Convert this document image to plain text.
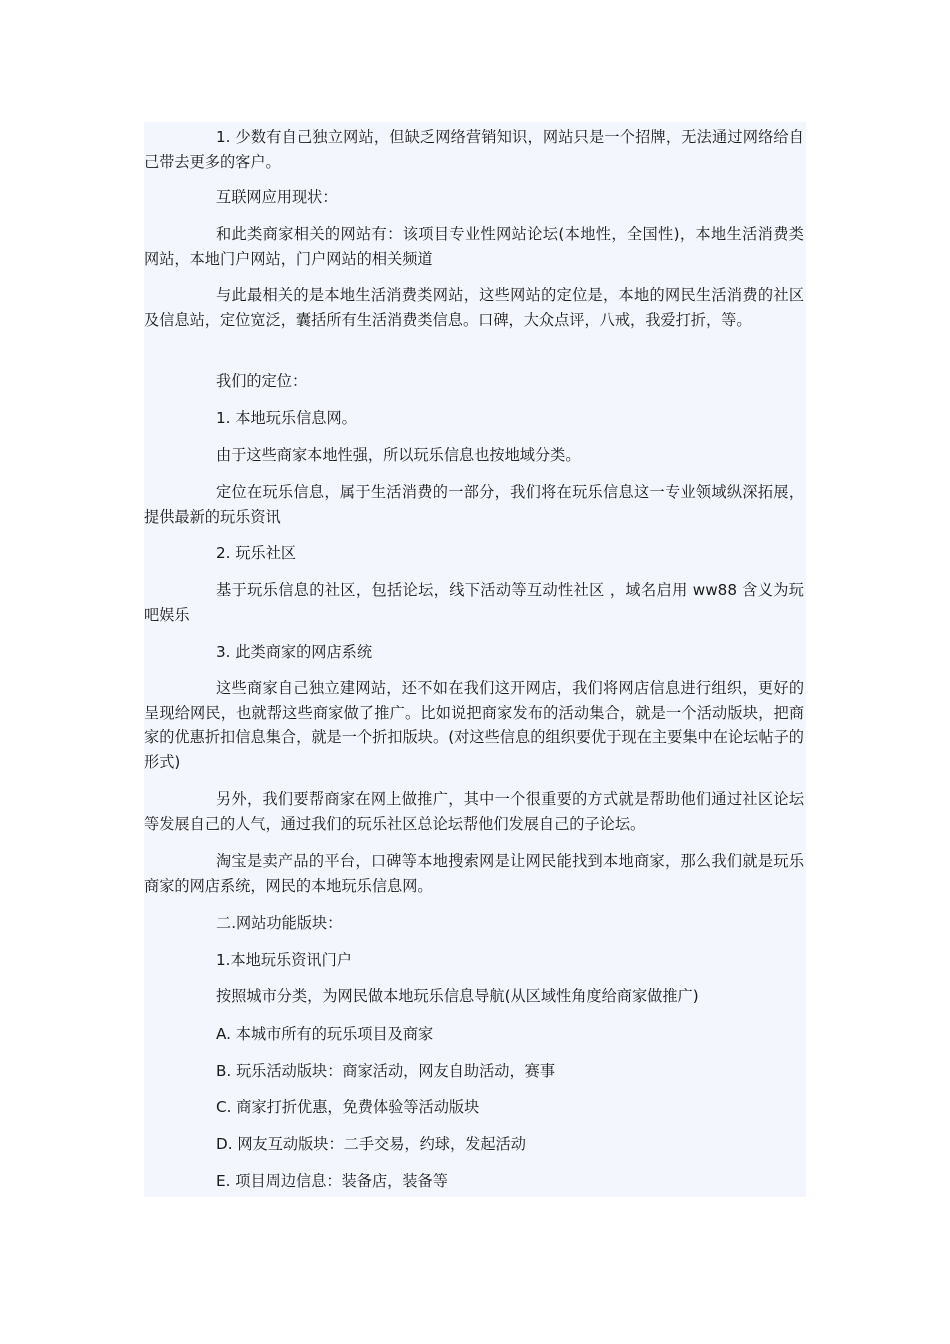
1. 少数有自己独立网站，但缺乏网络营销知识，网站只是一个招牌，无法通过网络给自己带去更多的客户。

互联网应用现状：

和此类商家相关的网站有：该项目专业性网站论坛(本地性，全国性)，本地生活消费类网站，本地门户网站，门户网站的相关频道

与此最相关的是本地生活消费类网站，这些网站的定位是，本地的网民生活消费的社区及信息站，定位宽泛，囊括所有生活消费类信息。口碑，大众点评，八戒，我爱打折，等。

我们的定位：

1. 本地玩乐信息网。

由于这些商家本地性强，所以玩乐信息也按地域分类。

定位在玩乐信息，属于生活消费的一部分，我们将在玩乐信息这一专业领域纵深拓展，提供最新的玩乐资讯

2. 玩乐社区

基于玩乐信息的社区，包括论坛，线下活动等互动性社区 ，域名启用 ww88 含义为玩吧娱乐

3. 此类商家的网店系统

这些商家自己独立建网站，还不如在我们这开网店，我们将网店信息进行组织，更好的呈现给网民，也就帮这些商家做了推广。比如说把商家发布的活动集合，就是一个活动版块，把商家的优惠折扣信息集合，就是一个折扣版块。(对这些信息的组织要优于现在主要集中在论坛帖子的形式)

另外，我们要帮商家在网上做推广，其中一个很重要的方式就是帮助他们通过社区论坛等发展自己的人气，通过我们的玩乐社区总论坛帮他们发展自己的子论坛。

淘宝是卖产品的平台，口碑等本地搜索网是让网民能找到本地商家，那么我们就是玩乐商家的网店系统，网民的本地玩乐信息网。

二.网站功能版块：

1.本地玩乐资讯门户

按照城市分类，为网民做本地玩乐信息导航(从区域性角度给商家做推广)

A. 本城市所有的玩乐项目及商家

B. 玩乐活动版块：商家活动，网友自助活动，赛事

C. 商家打折优惠，免费体验等活动版块

D. 网友互动版块：二手交易，约球，发起活动

E. 项目周边信息：装备店，装备等
